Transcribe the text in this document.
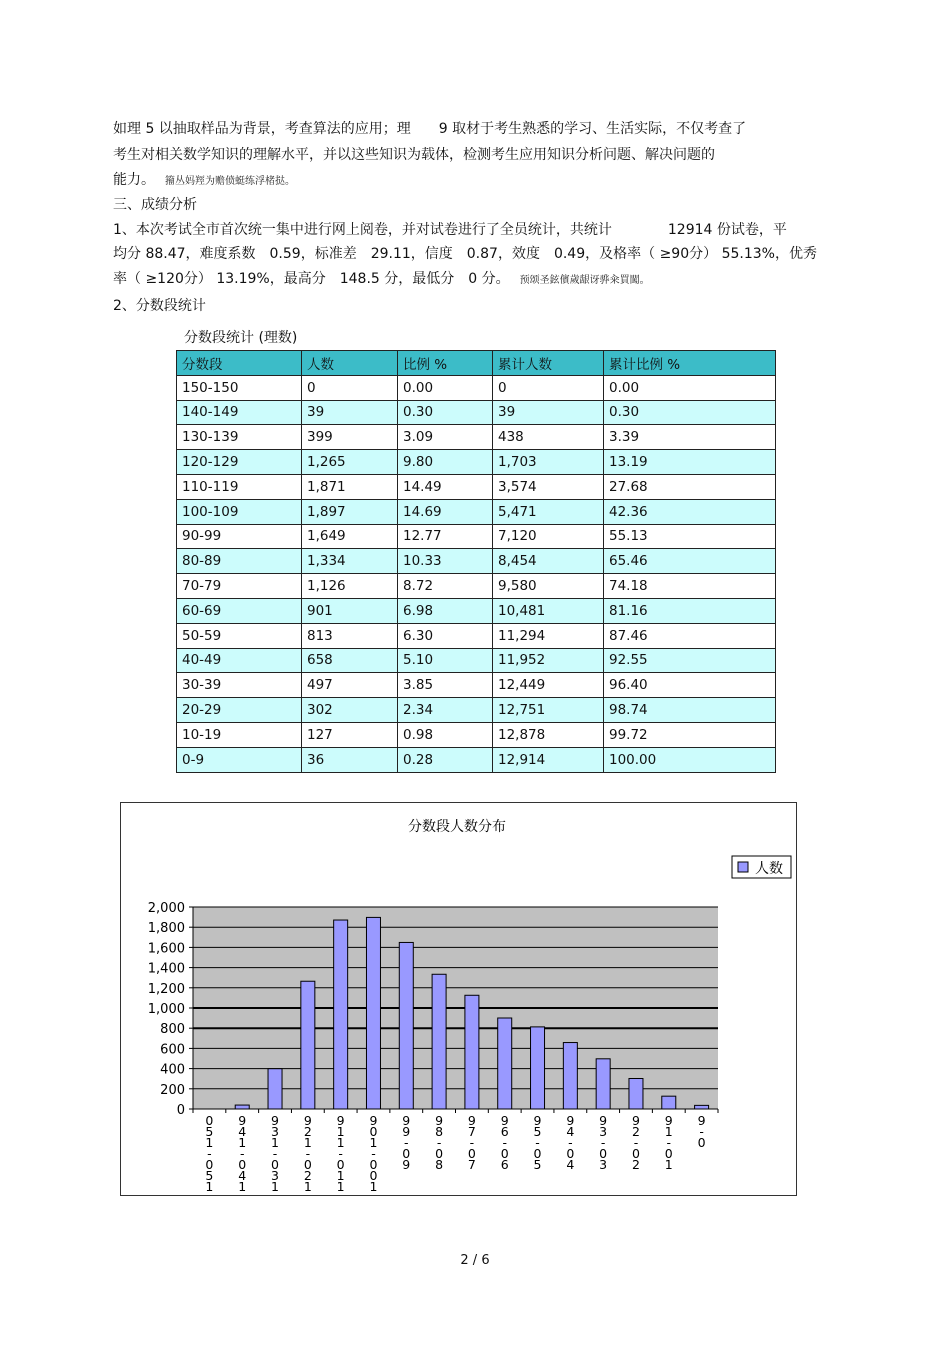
如理 5 以抽取样品为背景，考查算法的应用；理　　9 取材于考生熟悉的学习、生活实际，不仅考查了
考生对相关数学知识的理解水平，并以这些知识为载体，检测考生应用知识分析问题、解决问题的
能力。 籀丛妈羥为赡偾蜓练浮楮挞。
三、成绩分析
1、本次考试全市首次统一集中进行网上阅卷，并对试卷进行了全员统计，共统计　　　　12914 份试卷，平
均分 88.47，难度系数　0.59，标准差　29.11，信度　0.87，效度　0.49，及格率（ ≥90分） 55.13%，优秀
率（ ≥120分） 13.19%，最高分　148.5 分，最低分　0 分。 预颂圣鉉儐歲龈讶骅籴買闖。
2、分数段统计
分数段统计 (理数)
分数段	人数	比例 %	累计人数	累计比例 %
150-150	0	0.00	0	0.00
140-149	39	0.30	39	0.30
130-139	399	3.09	438	3.39
120-129	1,265	9.80	1,703	13.19
110-119	1,871	14.49	3,574	27.68
100-109	1,897	14.69	5,471	42.36
90-99	1,649	12.77	7,120	55.13
80-89	1,334	10.33	8,454	65.46
70-79	1,126	8.72	9,580	74.18
60-69	901	6.98	10,481	81.16
50-59	813	6.30	11,294	87.46
40-49	658	5.10	11,952	92.55
30-39	497	3.85	12,449	96.40
20-29	302	2.34	12,751	98.74
10-19	127	0.98	12,878	99.72
0-9	36	0.28	12,914	100.00
分数段人数分布
人数
0
200
400
600
800
1,000
1,200
1,400
1,600
1,800
2,000
0 5 1 -0 5 1
9 4 1 -0 4 1
9 3 1 -0 3 1
9 2 1 -0 2 1
9 1 1 -0 1 1
9 0 1 -0 0 1
9 9 -0 9
9 8 -0 8
9 7 -0 7
9 6 -0 6
9 5 -0 5
9 4 -0 4
9 3 -0 3
9 2 -0 2
9 1 -0 1
9 -0
2 / 6
